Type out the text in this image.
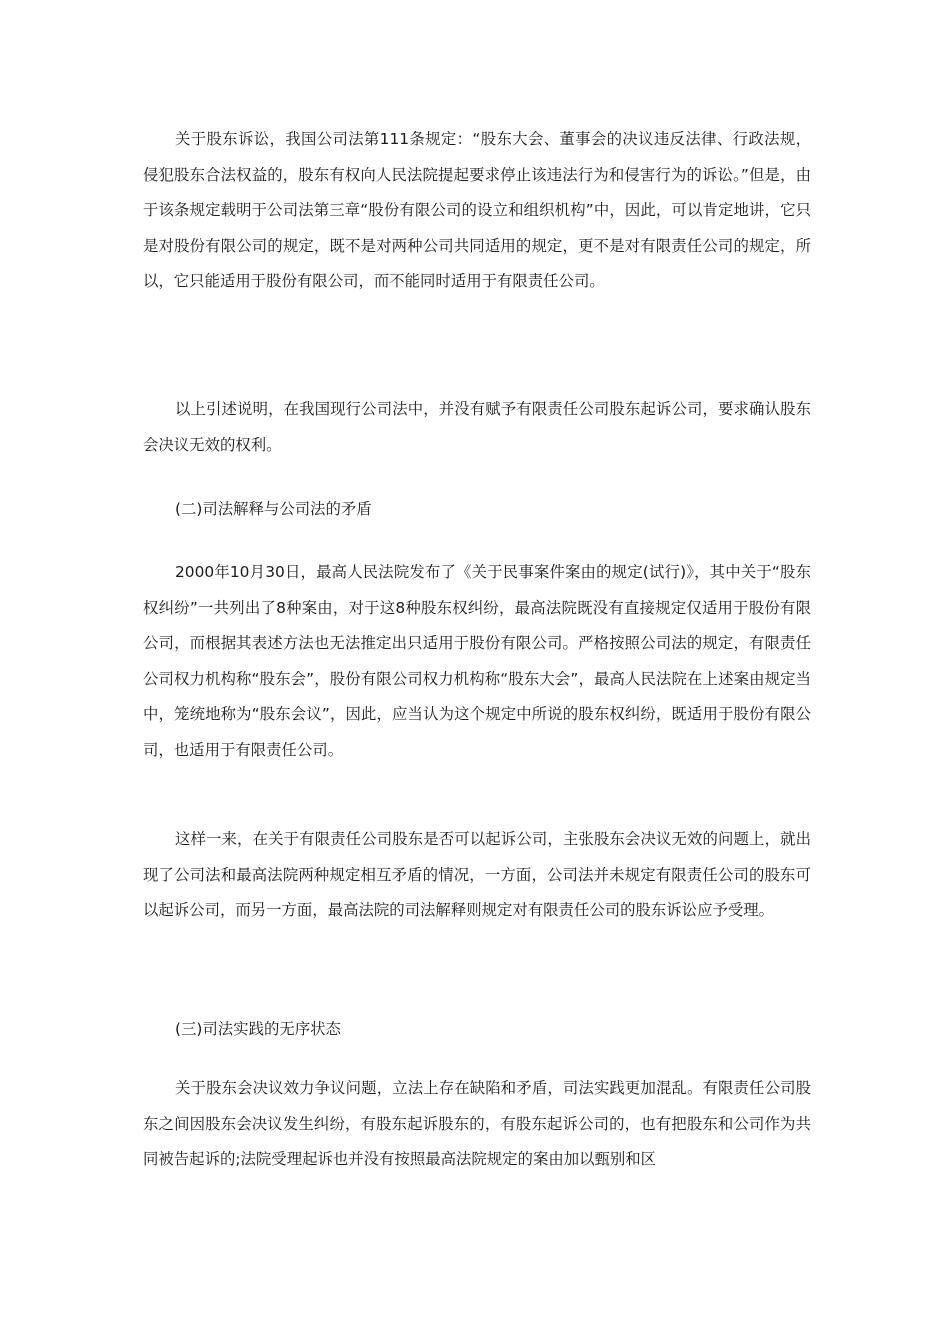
关于股东诉讼，我国公司法第111条规定：“股东大会、董事会的决议违反法律、行政法规，侵犯股东合法权益的，股东有权向人民法院提起要求停止该违法行为和侵害行为的诉讼。”但是，由于该条规定载明于公司法第三章“股份有限公司的设立和组织机构”中，因此，可以肯定地讲，它只是对股份有限公司的规定，既不是对两种公司共同适用的规定，更不是对有限责任公司的规定，所以，它只能适用于股份有限公司，而不能同时适用于有限责任公司。

以上引述说明，在我国现行公司法中，并没有赋予有限责任公司股东起诉公司，要求确认股东会决议无效的权利。

(二)司法解释与公司法的矛盾

2000年10月30日，最高人民法院发布了《关于民事案件案由的规定(试行)》，其中关于“股东权纠纷”一共列出了8种案由，对于这8种股东权纠纷，最高法院既没有直接规定仅适用于股份有限公司，而根据其表述方法也无法推定出只适用于股份有限公司。严格按照公司法的规定，有限责任公司权力机构称“股东会”，股份有限公司权力机构称“股东大会”，最高人民法院在上述案由规定当中，笼统地称为“股东会议”，因此，应当认为这个规定中所说的股东权纠纷，既适用于股份有限公司，也适用于有限责任公司。

这样一来，在关于有限责任公司股东是否可以起诉公司，主张股东会决议无效的问题上，就出现了公司法和最高法院两种规定相互矛盾的情况，一方面，公司法并未规定有限责任公司的股东可以起诉公司，而另一方面，最高法院的司法解释则规定对有限责任公司的股东诉讼应予受理。

(三)司法实践的无序状态

关于股东会决议效力争议问题，立法上存在缺陷和矛盾，司法实践更加混乱。有限责任公司股东之间因股东会决议发生纠纷，有股东起诉股东的，有股东起诉公司的，也有把股东和公司作为共同被告起诉的;法院受理起诉也并没有按照最高法院规定的案由加以甄别和区
